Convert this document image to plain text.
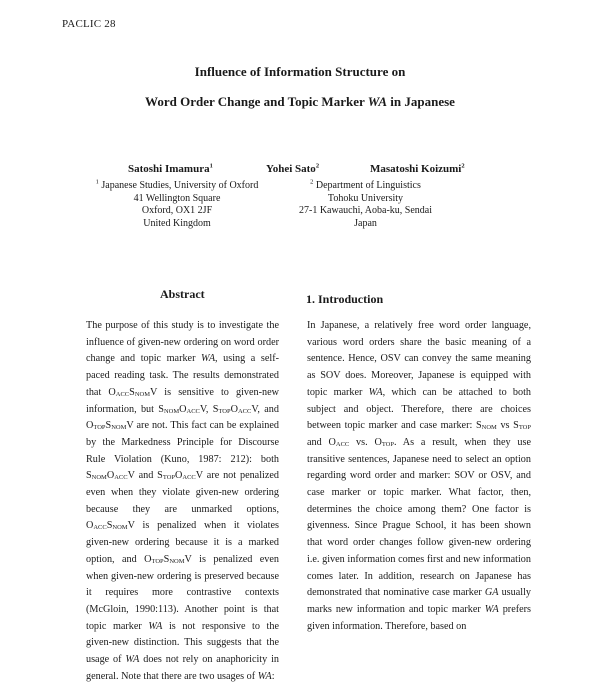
PACLIC 28
Influence of Information Structure on
Word Order Change and Topic Marker WA in Japanese
Satoshi Imamura$^1$	Yohei Sato$^2$	Masatoshi Koizumi$^2$

$^1$ Japanese Studies, University of Oxford

41 Wellington Square

Oxford, OX1 2JF

United Kingdom

$^2$ Department of Linguistics

Tohoku University

27-1 Kawauchi, Aoba-ku, Sendai

Japan

Abstract	1. Introduction

The purpose of this study is to investigate the influence of given-new ordering on word order change and topic marker WA, using a self-paced reading task. The results demonstrated that $O_{ACC}S_{NOM}V$ is sensitive to given-new information, but $S_{NOM}O_{ACC}V$, $S_{TOP}O_{ACC}V$, and $O_{TOP}S_{NOM}V$ are not. This fact can be explained by the Markedness Principle for Discourse Rule Violation (Kuno, 1987: 212): both $S_{NOM}O_{ACC}V$ and $S_{TOP}O_{ACC}V$ are not penalized even when they violate given-new ordering because they are unmarked options, $O_{ACC}S_{NOM}V$ is penalized when it violates given-new ordering because it is a marked option, and $O_{TOP}S_{NOM}V$ is penalized even when given-new ordering is preserved because it requires more contrastive contexts (McGloin, 1990:113). Another point is that topic marker WA is not responsive to the given-new distinction. This suggests that the usage of WA does not rely on anaphoricity in general. Note that there are two usages of WA:

In Japanese, a relatively free word order language, various word orders share the basic meaning of a sentence. Hence, OSV can convey the same meaning as SOV does. Moreover, Japanese is equipped with topic marker WA, which can be attached to both subject and object. Therefore, there are choices between topic marker and case marker: $S_{NOM}$ vs $S_{TOP}$ and $O_{ACC}$ vs. $O_{TOP}$. As a result, when they use transitive sentences, Japanese need to select an option regarding word order and marker: SOV or OSV, and case marker or topic marker. What factor, then, determines the choice among them? One factor is givenness. Since Prague School, it has been shown that word order changes follow given-new ordering i.e. given information comes first and new information comes later. In addition, research on Japanese has demonstrated that nominative case marker GA usually marks new information and topic marker WA prefers given information. Therefore, based on
